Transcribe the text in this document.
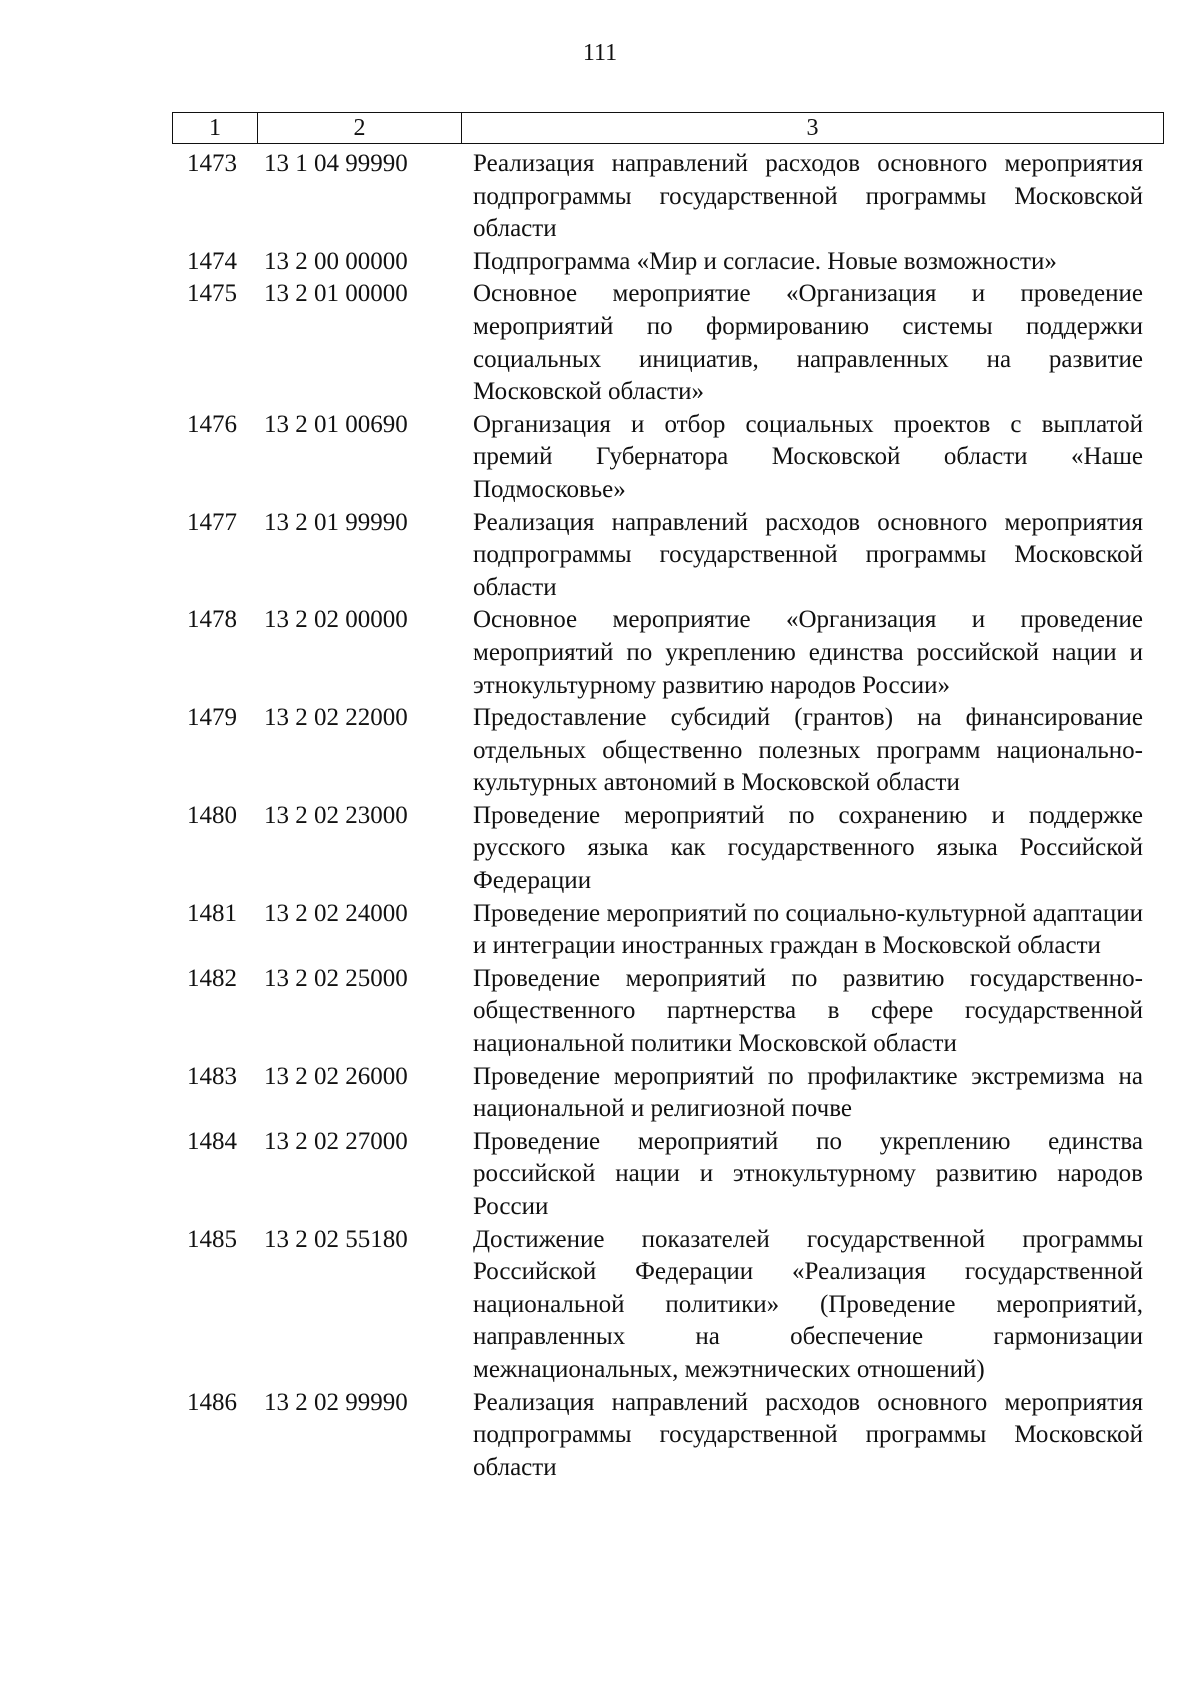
111
1	2	3
1473	13 1 04 99990	Реализация направлений расходов основного мероприятия подпрограммы государственной программы Московской области
1474	13 2 00 00000	Подпрограмма «Мир и согласие. Новые возможности»
1475	13 2 01 00000	Основное мероприятие «Организация и проведение мероприятий по формированию системы поддержки социальных инициатив, направленных на развитие Московской области»
1476	13 2 01 00690	Организация и отбор социальных проектов с выплатой премий Губернатора Московской области «Наше Подмосковье»
1477	13 2 01 99990	Реализация направлений расходов основного мероприятия подпрограммы государственной программы Московской области
1478	13 2 02 00000	Основное мероприятие «Организация и проведение мероприятий по укреплению единства российской нации и этнокультурному развитию народов России»
1479	13 2 02 22000	Предоставление субсидий (грантов) на финансирование отдельных общественно полезных программ национально-культурных автономий в Московской области
1480	13 2 02 23000	Проведение мероприятий по сохранению и поддержке русского языка как государственного языка Российской Федерации
1481	13 2 02 24000	Проведение мероприятий по социально-культурной адаптации и интеграции иностранных граждан в Московской области
1482	13 2 02 25000	Проведение мероприятий по развитию государственно-общественного партнерства в сфере государственной национальной политики Московской области
1483	13 2 02 26000	Проведение мероприятий по профилактике экстремизма на национальной и религиозной почве
1484	13 2 02 27000	Проведение мероприятий по укреплению единства российской нации и этнокультурному развитию народов России
1485	13 2 02 55180	Достижение показателей государственной программы Российской Федерации «Реализация государственной национальной политики» (Проведение мероприятий, направленных на обеспечение гармонизации межнациональных, межэтнических отношений)
1486	13 2 02 99990	Реализация направлений расходов основного мероприятия подпрограммы государственной программы Московской области
